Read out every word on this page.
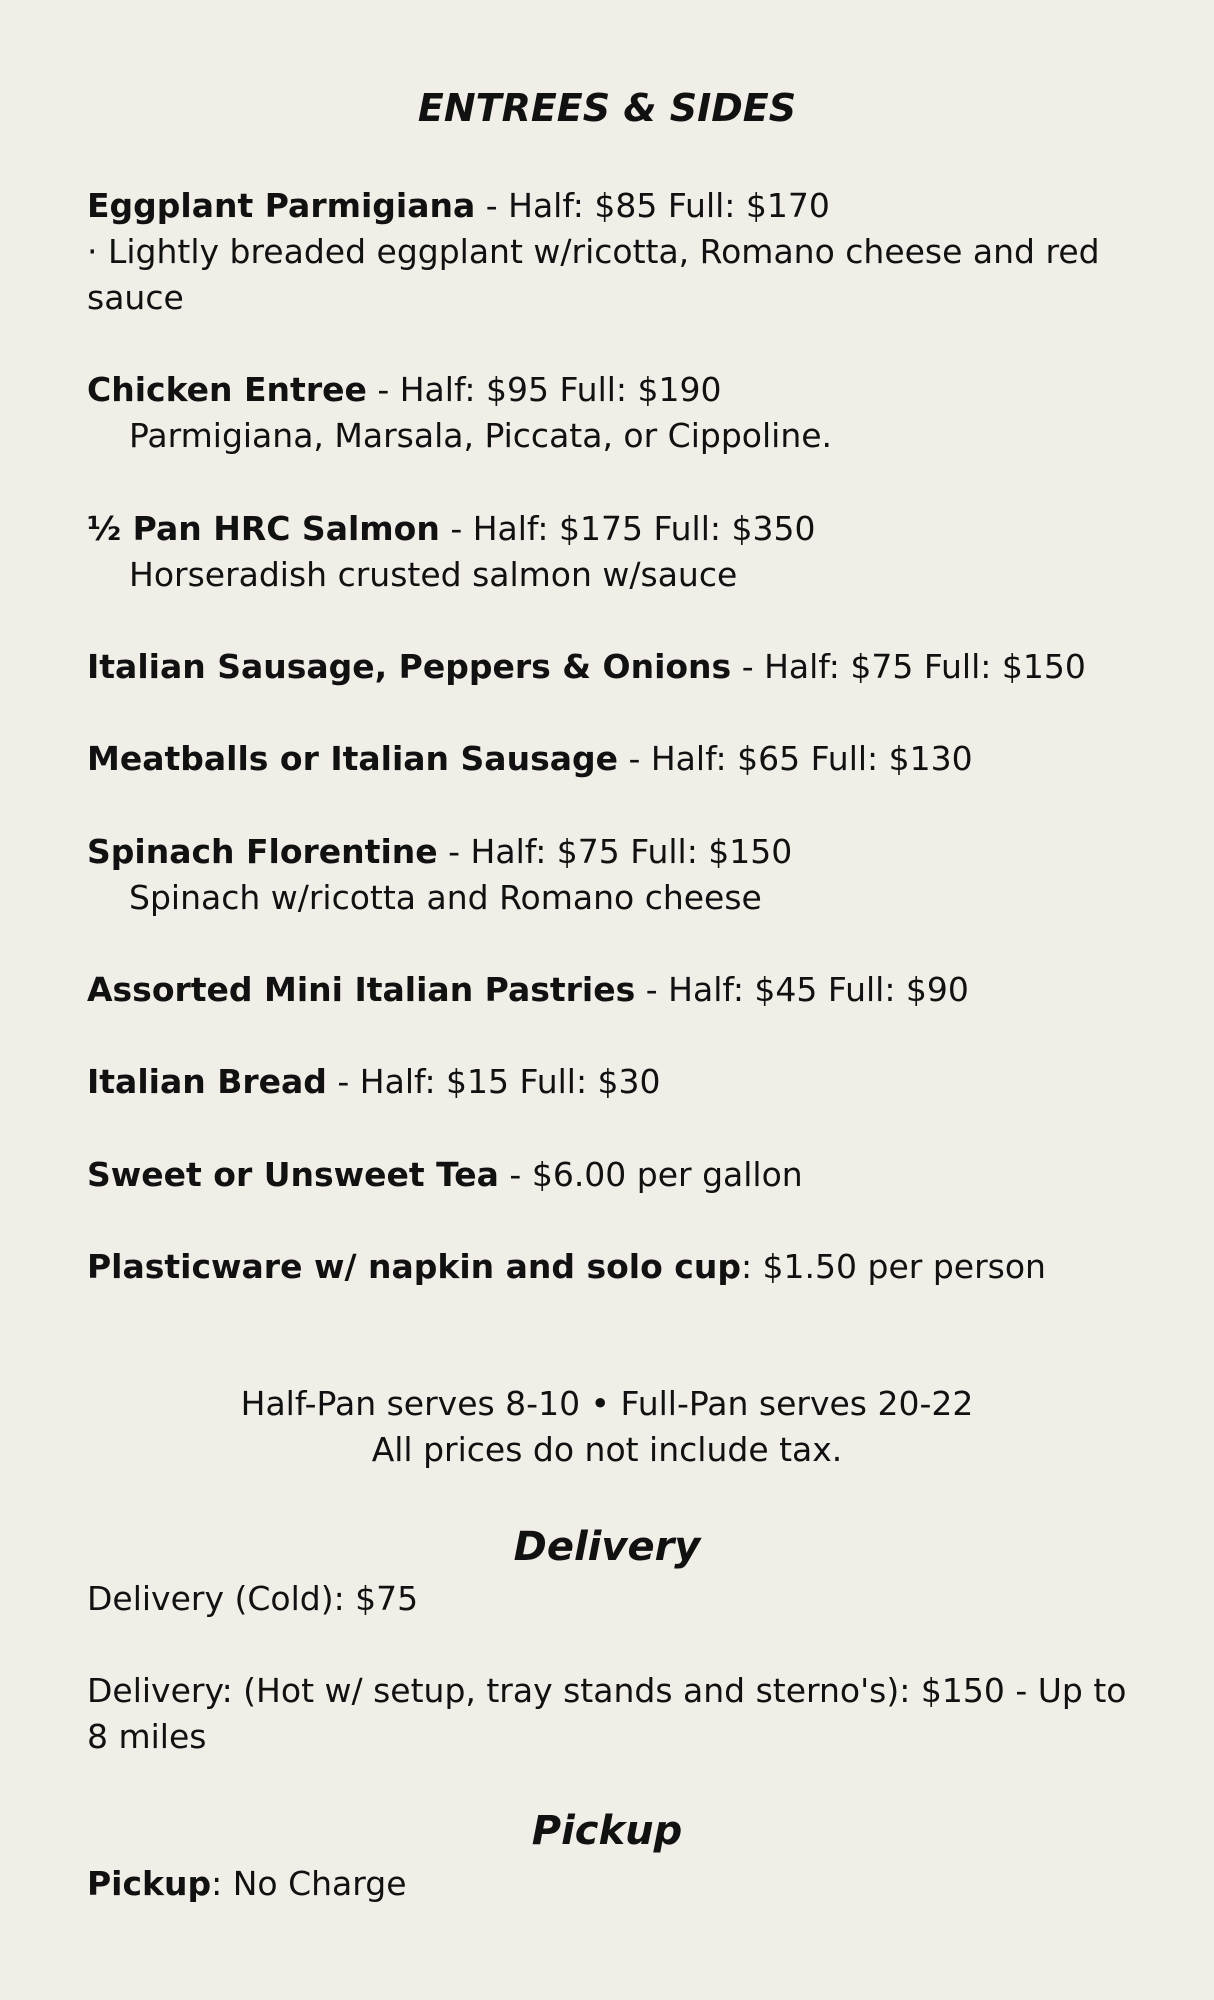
ENTREES & SIDES
Eggplant Parmigiana - Half: $85 Full: $170
· Lightly breaded eggplant w/ricotta, Romano cheese and red sauce
Chicken Entree - Half: $95 Full: $190
Parmigiana, Marsala, Piccata, or Cippoline.
½ Pan HRC Salmon - Half: $175 Full: $350
Horseradish crusted salmon w/sauce
Italian Sausage, Peppers & Onions - Half: $75 Full: $150
Meatballs or Italian Sausage - Half: $65 Full: $130
Spinach Florentine - Half: $75 Full: $150
Spinach w/ricotta and Romano cheese
Assorted Mini Italian Pastries - Half: $45 Full: $90
Italian Bread - Half: $15 Full: $30
Sweet or Unsweet Tea - $6.00 per gallon
Plasticware w/ napkin and solo cup: $1.50 per person
Half-Pan serves 8-10 • Full-Pan serves 20-22
All prices do not include tax.
Delivery
Delivery (Cold): $75
Delivery: (Hot w/ setup, tray stands and sterno's): $150 - Up to 8 miles
Pickup
Pickup: No Charge
